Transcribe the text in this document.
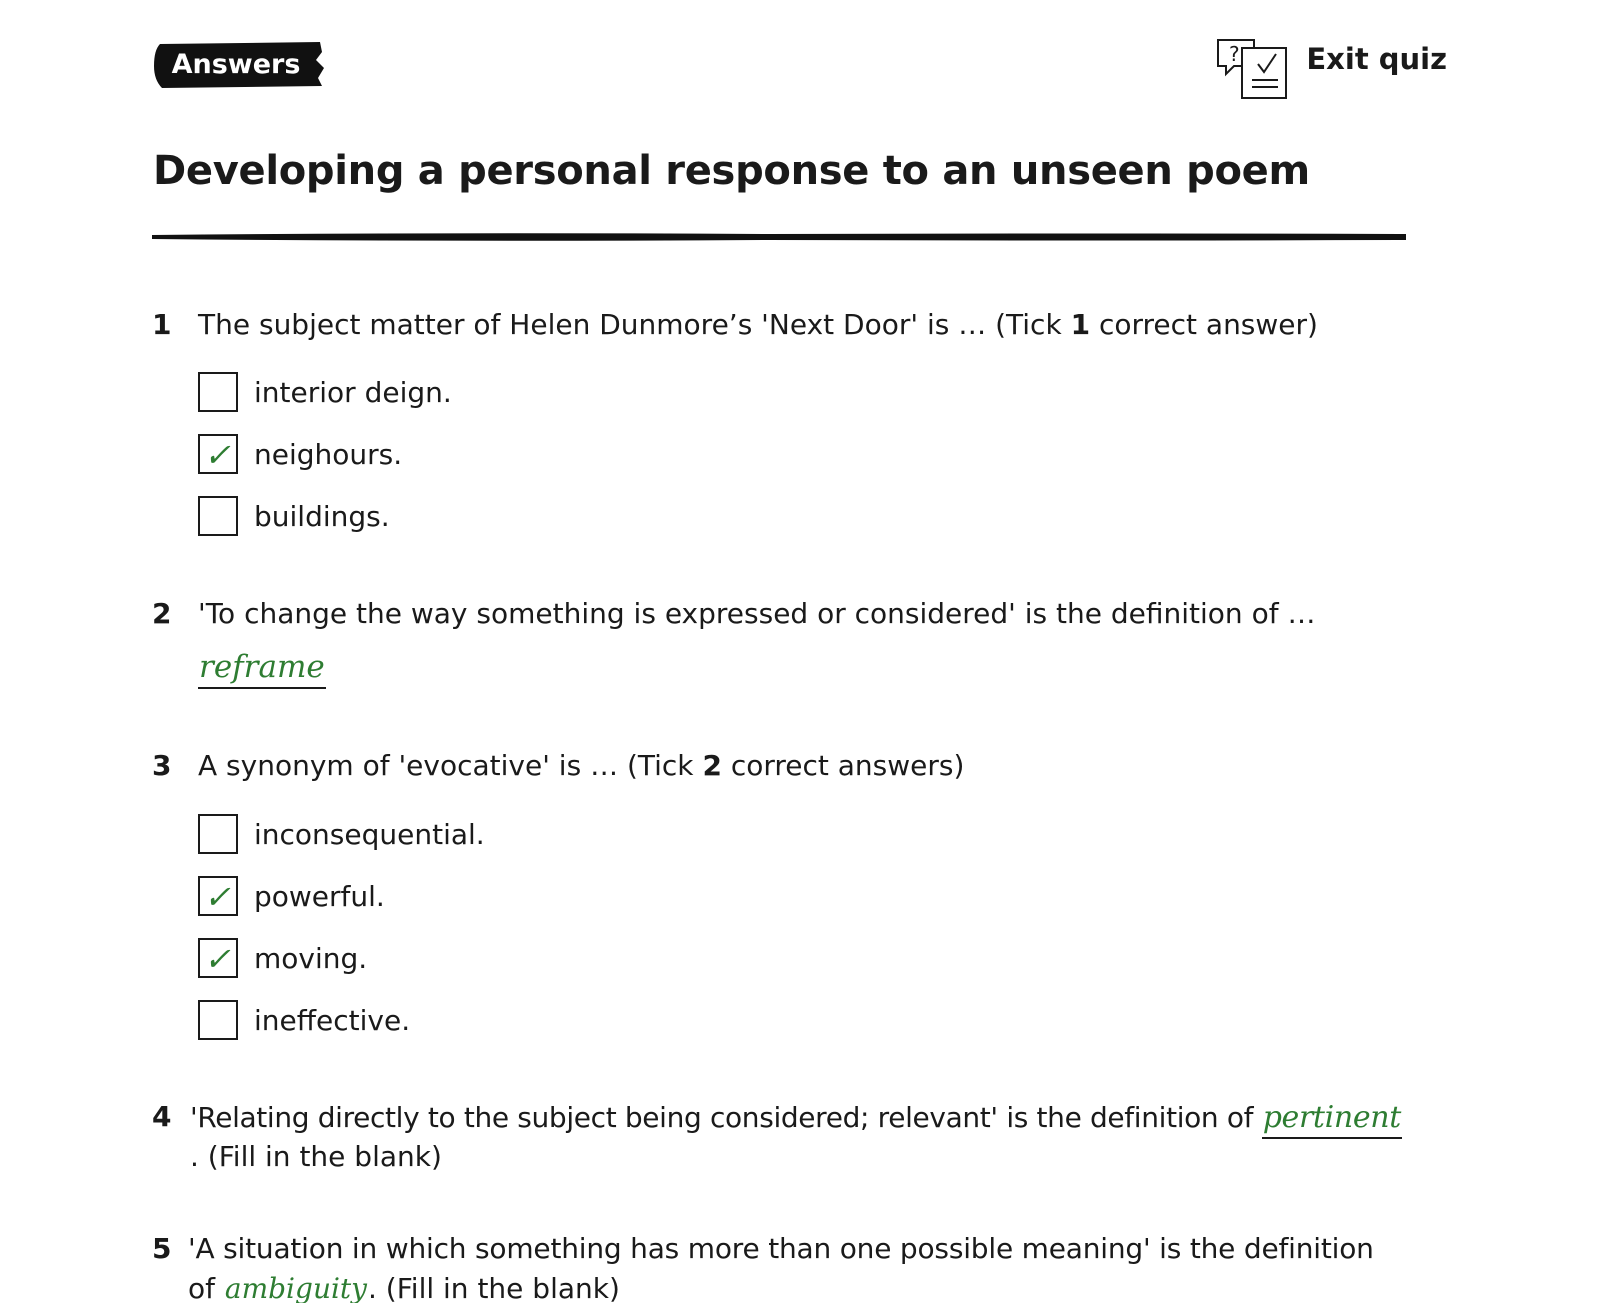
Answers	? Exit quiz
Developing a personal response to an unseen poem
1 The subject matter of Helen Dunmore’s 'Next Door' is … (Tick 1 correct answer)
interior deign.
✓ neighours.
buildings.
2 'To change the way something is expressed or considered' is the definition of …
reframe
3 A synonym of 'evocative' is … (Tick 2 correct answers)
inconsequential.
✓ powerful.
✓ moving.
ineffective.
4 'Relating directly to the subject being considered; relevant' is the definition of pertinent
. (Fill in the blank)
5 'A situation in which something has more than one possible meaning' is the definition
of ambiguity. (Fill in the blank)
